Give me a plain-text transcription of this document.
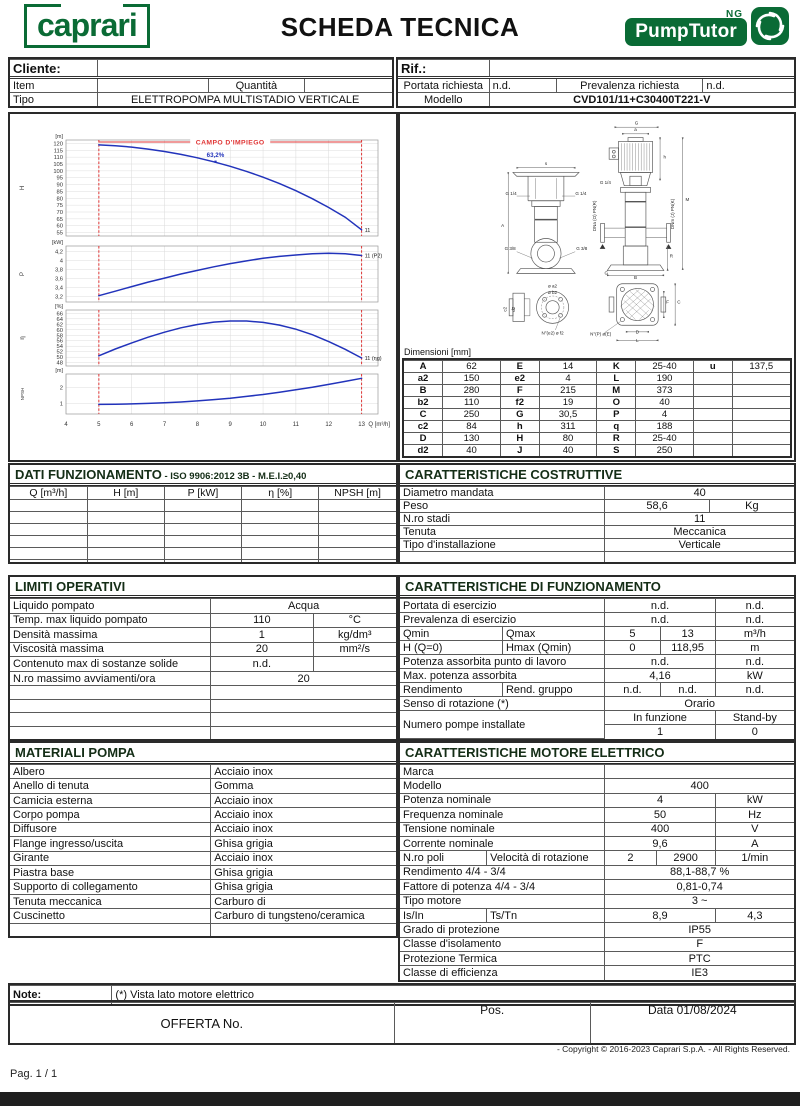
caprari	SCHEDA TECNICA	NG
PumpTutor
Cliente:			
Item		Quantità	
Tipo	ELETTROPOMPA MULTISTADIO VERTICALE		
Rif.:			
Portata richiesta	n.d.	Prevalenza richiesta	n.d.
Modello	CVD101/11+C30400T221-V		
120
115
110
105
100
95
90
85
80
75
70
65
60
55
[m]
H
11
CAMPO D'IMPIEGO
63,2%
4,2
4
3,8
3,6
3,4
3,2
[kW]
P
11 (P2)
66
64
62
60
58
56
54
52
50
48
[%]
η
11 (ηg)
2
1
[m]
NPSH
4	5	6	7	8	9	10	11	12	13 Q [m³/h]
s
G 1/4	G 1/4
A
G 3/8	G 3/8
ø a2
ø b2
c2 d2
N°(e2) ø f2
G
a
h
M
G 1/4
DNa (O) PN(R)	DNm (J) PN(K)
R
G
B
N°(P) ø(E)	D
L
F C
Dimensioni [mm]
A	62	E	14	K	25-40	u	137,5
a2	150	e2	4	L	190		
B	280	F	215	M	373		
b2	110	f2	19	O	40		
C	250	G	30,5	P	4		
c2	84	h	311	q	188		
D	130	H	80	R	25-40		
d2	40	J	40	S	250		
DATI FUNZIONAMENTO - ISO 9906:2012 3B - M.E.I.≥0,40
Q [m³/h]	H [m]	P [kW]	η [%]	NPSH [m]

CARATTERISTICHE COSTRUTTIVE
Diametro mandata	40	
Peso	58,6	Kg
N.ro stadi	11	
Tenuta	Meccanica	
Tipo d'installazione	Verticale	

LIMITI OPERATIVI
Liquido pompato	Acqua	
Temp. max liquido pompato	110	°C
Densità massima	1	kg/dm³
Viscosità massima	20	mm²/s
Contenuto max di sostanze solide	n.d.	
N.ro massimo avviamenti/ora	20	

CARATTERISTICHE DI FUNZIONAMENTO
Portata di esercizio		n.d.		n.d.
Prevalenza di esercizio		n.d.		n.d.
Qmin	Qmax	5	13	m³/h
H (Q=0)	Hmax (Qmin)	0	118,95	m
Potenza assorbita punto di lavoro		n.d.		n.d.
Max. potenza assorbita		4,16		kW
Rendimento	Rend. gruppo	n.d.	n.d.	n.d.
Senso di rotazione (*)		Orario		
Numero pompe installate		In funzione		Stand-by
		1		0
MATERIALI POMPA
Albero	Acciaio inox
Anello di tenuta	Gomma
Camicia esterna	Acciaio inox
Corpo pompa	Acciaio inox
Diffusore	Acciaio inox
Flange ingresso/uscita	Ghisa grigia
Girante	Acciaio inox
Piastra base	Ghisa grigia
Supporto di collegamento	Ghisa grigia
Tenuta meccanica	Carburo di
Cuscinetto	Carburo di tungsteno/ceramica

CARATTERISTICHE MOTORE ELETTRICO
Marca				
Modello		400		
Potenza nominale		4		kW
Frequenza nominale		50		Hz
Tensione nominale		400		V
Corrente nominale		9,6		A
N.ro poli	Velocità di rotazione	2	2900	1/min
Rendimento 4/4 - 3/4		88,1-88,7 %		
Fattore di potenza 4/4 - 3/4		0,81-0,74		
Tipo motore		3 ~		
Is/In	Ts/Tn	8,9		4,3
Grado di protezione		IP55		
Classe d'isolamento		F		
Protezione Termica		PTC		
Classe di efficienza		IE3		
Note:	(*) Vista lato motore elettrico
OFFERTA No.	Pos.	Data 01/08/2024
- Copyright © 2016-2023 Caprari S.p.A. - All Rights Reserved.
Pag. 1 / 1
